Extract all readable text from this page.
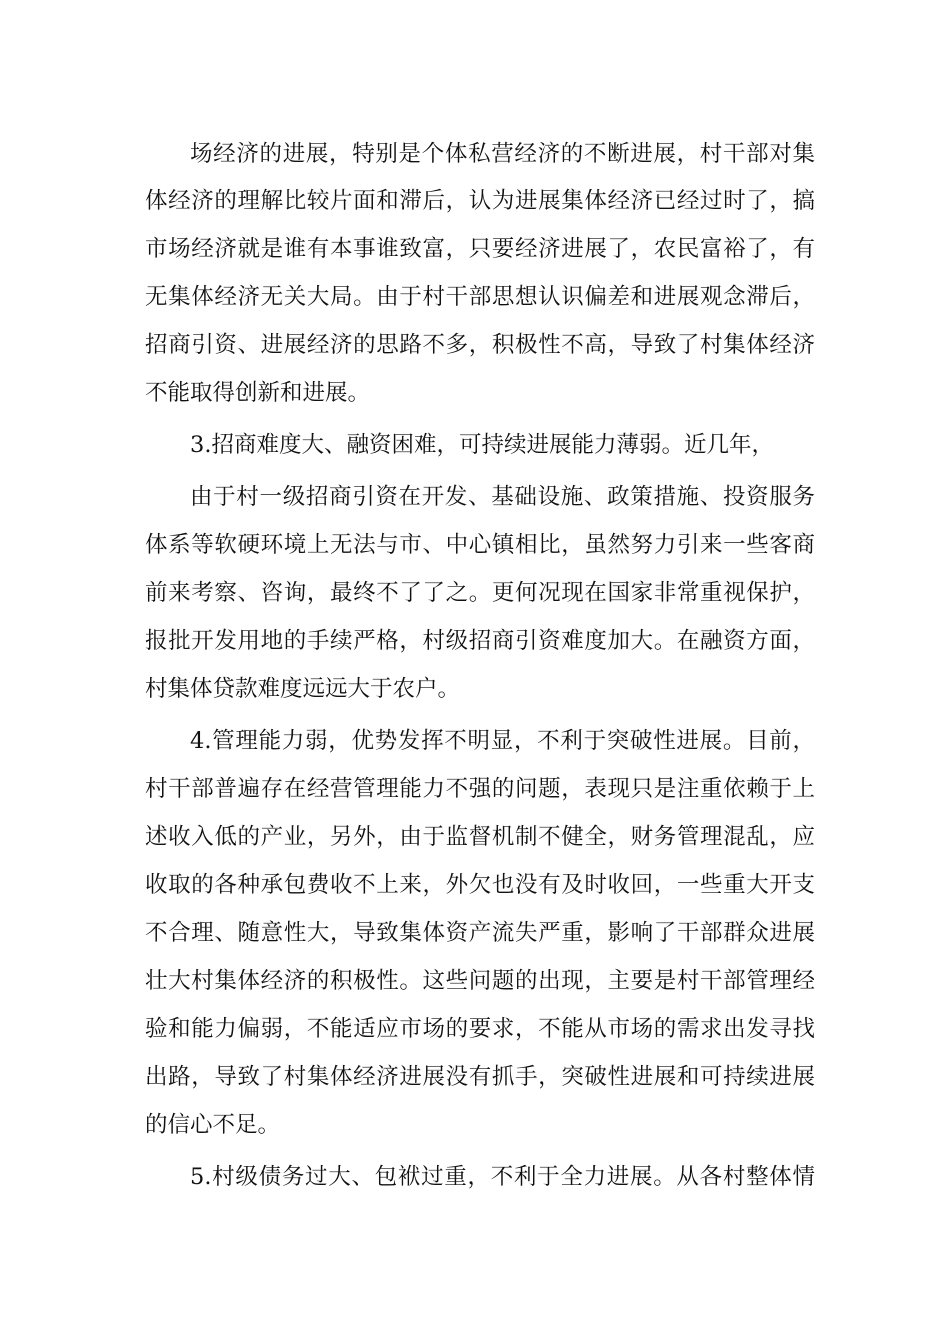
场经济的进展，特别是个体私营经济的不断进展，村干部对集
体经济的理解比较片面和滞后，认为进展集体经济已经过时了，搞
市场经济就是谁有本事谁致富，只要经济进展了，农民富裕了，有
无集体经济无关大局。由于村干部思想认识偏差和进展观念滞后，
招商引资、进展经济的思路不多，积极性不高，导致了村集体经济
不能取得创新和进展。
3.招商难度大、融资困难，可持续进展能力薄弱。近几年，
由于村一级招商引资在开发、基础设施、政策措施、投资服务
体系等软硬环境上无法与市、中心镇相比，虽然努力引来一些客商
前来考察、咨询，最终不了了之。更何况现在国家非常重视保护，
报批开发用地的手续严格，村级招商引资难度加大。在融资方面，
村集体贷款难度远远大于农户。
4.管理能力弱，优势发挥不明显，不利于突破性进展。目前，
村干部普遍存在经营管理能力不强的问题，表现只是注重依赖于上
述收入低的产业，另外，由于监督机制不健全，财务管理混乱，应
收取的各种承包费收不上来，外欠也没有及时收回，一些重大开支
不合理、随意性大，导致集体资产流失严重，影响了干部群众进展
壮大村集体经济的积极性。这些问题的出现，主要是村干部管理经
验和能力偏弱，不能适应市场的要求，不能从市场的需求出发寻找
出路，导致了村集体经济进展没有抓手，突破性进展和可持续进展
的信心不足。
5.村级债务过大、包袱过重，不利于全力进展。从各村整体情
